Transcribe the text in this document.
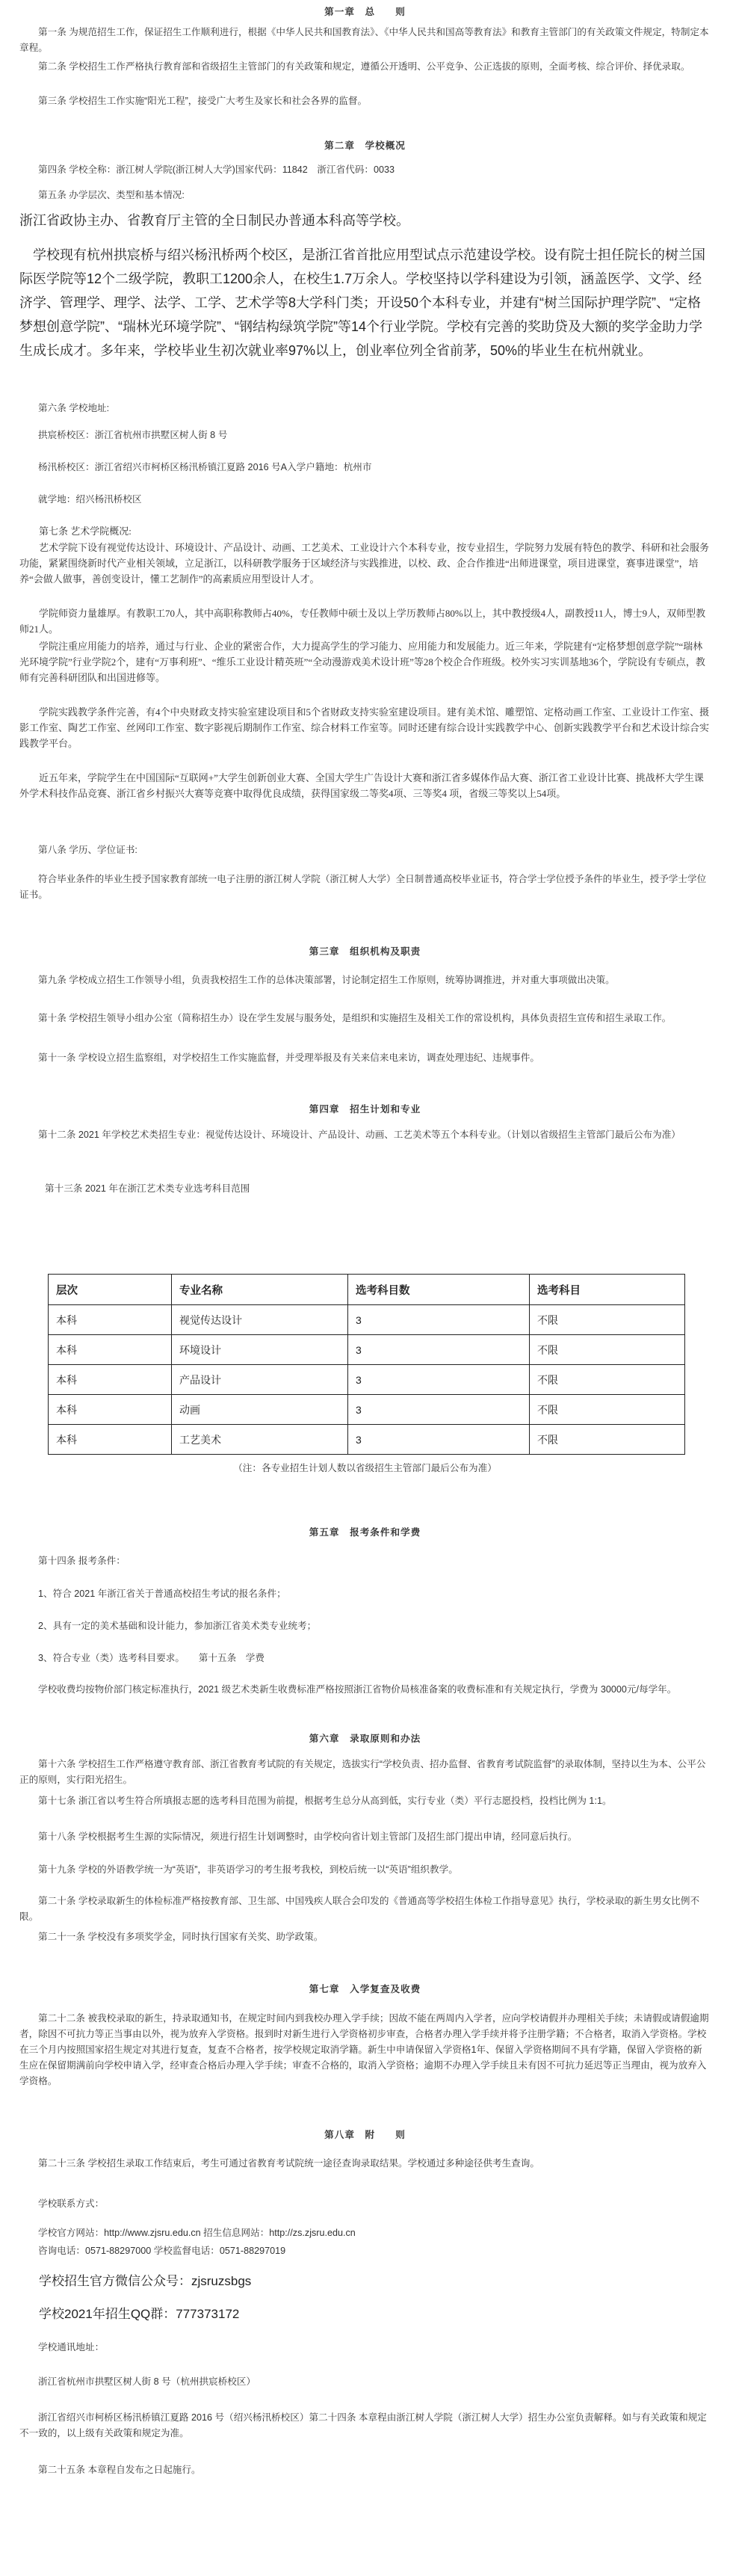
第一章　总　　则

第一条 为规范招生工作，保证招生工作顺利进行，根据《中华人民共和国教育法》、《中华人民共和国高等教育法》和教育主管部门的有关政策文件规定，特制定本章程。

第二条 学校招生工作严格执行教育部和省级招生主管部门的有关政策和规定，遵循公开透明、公平竞争、公正选拔的原则，全面考核、综合评价、择优录取。

第三条 学校招生工作实施“阳光工程”，接受广大考生及家长和社会各界的监督。

第二章　学校概况

第四条 学校全称：浙江树人学院(浙江树人大学)国家代码：11842　浙江省代码：0033

第五条 办学层次、类型和基本情况:

浙江省政协主办、省教育厅主管的全日制民办普通本科高等学校。

学校现有杭州拱宸桥与绍兴杨汛桥两个校区，是浙江省首批应用型试点示范建设学校。设有院士担任院长的树兰国际医学院等12个二级学院，教职工1200余人，在校生1.7万余人。学校坚持以学科建设为引领，涵盖医学、文学、经济学、管理学、理学、法学、工学、艺术学等8大学科门类；开设50个本科专业，并建有“树兰国际护理学院”、“定格梦想创意学院”、“瑞林光环境学院”、“钢结构绿筑学院”等14个行业学院。学校有完善的奖助贷及大额的奖学金助力学生成长成才。多年来，学校毕业生初次就业率97%以上，创业率位列全省前茅，50%的毕业生在杭州就业。

第六条 学校地址:

拱宸桥校区：浙江省杭州市拱墅区树人街 8 号

杨汛桥校区：浙江省绍兴市柯桥区杨汛桥镇江夏路 2016 号A入学户籍地：杭州市

就学地：绍兴杨汛桥校区

第七条 艺术学院概况:

艺术学院下设有视觉传达设计、环境设计、产品设计、动画、工艺美术、工业设计六个本科专业，按专业招生，学院努力发展有特色的教学、科研和社会服务功能，紧紧围绕新时代产业相关领域，立足浙江，以科研教学服务于区域经济与实践推进，以校、政、企合作推进“出师进课堂，项目进课堂，赛事进课堂”，培养“会做人做事，善创变设计，懂工艺制作”的高素质应用型设计人才。

学院师资力量雄厚。有教职工70人，其中高职称教师占40%，专任教师中硕士及以上学历教师占80%以上，其中教授级4人，副教授11人，博士9人，双师型教师21人。

学院注重应用能力的培养，通过与行业、企业的紧密合作，大力提高学生的学习能力、应用能力和发展能力。近三年来，学院建有“定格梦想创意学院”“瑞林光环境学院”行业学院2个，建有“万事利班”、“维乐工业设计精英班”“全动漫游戏美术设计班”等28个校企合作班级。校外实习实训基地36个，学院设有专硕点，教师有完善科研团队和出国进修等。

学院实践教学条件完善，有4个中央财政支持实验室建设项目和5个省财政支持实验室建设项目。建有美术馆、雕塑馆、定格动画工作室、工业设计工作室、摄影工作室、陶艺工作室、丝网印工作室、数字影视后期制作工作室、综合材料工作室等。同时还建有综合设计实践教学中心、创新实践教学平台和艺术设计综合实践教学平台。

近五年来，学院学生在中国国际“互联网+”大学生创新创业大赛、全国大学生广告设计大赛和浙江省多媒体作品大赛、浙江省工业设计比赛、挑战杯大学生课外学术科技作品竞赛、浙江省乡村振兴大赛等竞赛中取得优良成绩，获得国家级二等奖4项、三等奖4 项，省级三等奖以上54项。

第八条 学历、学位证书:

符合毕业条件的毕业生授予国家教育部统一电子注册的浙江树人学院（浙江树人大学）全日制普通高校毕业证书，符合学士学位授予条件的毕业生，授予学士学位证书。

第三章　组织机构及职责

第九条 学校成立招生工作领导小组，负责我校招生工作的总体决策部署，讨论制定招生工作原则，统筹协调推进，并对重大事项做出决策。

第十条 学校招生领导小组办公室（简称招生办）设在学生发展与服务处，是组织和实施招生及相关工作的常设机构，具体负责招生宣传和招生录取工作。

第十一条 学校设立招生监察组，对学校招生工作实施监督，并受理举报及有关来信来电来访，调查处理违纪、违规事件。

第四章　招生计划和专业

第十二条 2021 年学校艺术类招生专业：视觉传达设计、环境设计、产品设计、动画、工艺美术等五个本科专业。（计划以省级招生主管部门最后公布为准）

第十三条 2021 年在浙江艺术类专业选考科目范围

层次	专业名称	选考科目数	选考科目
本科	视觉传达设计	3	不限
本科	环境设计	3	不限
本科	产品设计	3	不限
本科	动画	3	不限
本科	工艺美术	3	不限

（注：各专业招生计划人数以省级招生主管部门最后公布为准）

第五章　报考条件和学费

第十四条 报考条件：

1、符合 2021 年浙江省关于普通高校招生考试的报名条件；

2、具有一定的美术基础和设计能力，参加浙江省美术类专业统考；

3、符合专业（类）选考科目要求。　　第十五条　学费

学校收费均按物价部门核定标准执行，2021 级艺术类新生收费标准严格按照浙江省物价局核准备案的收费标准和有关规定执行，学费为 30000元/每学年。

第六章　录取原则和办法

第十六条 学校招生工作严格遵守教育部、浙江省教育考试院的有关规定，选拔实行“学校负责、招办监督、省教育考试院监督”的录取体制，坚持以生为本、公平公正的原则，实行阳光招生。

第十七条 浙江省以考生符合所填报志愿的选考科目范围为前提，根据考生总分从高到低，实行专业（类）平行志愿投档，投档比例为 1:1。

第十八条 学校根据考生生源的实际情况，须进行招生计划调整时，由学校向省计划主管部门及招生部门提出申请，经同意后执行。

第十九条 学校的外语教学统一为“英语”，非英语学习的考生报考我校，到校后统一以“英语”组织教学。

第二十条 学校录取新生的体检标准严格按教育部、卫生部、中国残疾人联合会印发的《普通高等学校招生体检工作指导意见》执行，学校录取的新生男女比例不限。

第二十一条 学校没有多项奖学金，同时执行国家有关奖、助学政策。

第七章　入学复查及收费

第二十二条 被我校录取的新生，持录取通知书，在规定时间内到我校办理入学手续；因故不能在两周内入学者，应向学校请假并办理相关手续；未请假或请假逾期者，除因不可抗力等正当事由以外，视为放弃入学资格。报到时对新生进行入学资格初步审查，合格者办理入学手续并将予注册学籍；不合格者，取消入学资格。学校在三个月内按照国家招生规定对其进行复查，复查不合格者，按学校规定取消学籍。新生中申请保留入学资格1年、保留入学资格期间不具有学籍，保留入学资格的新生应在保留期满前向学校申请入学，经审查合格后办理入学手续；审查不合格的，取消入学资格；逾期不办理入学手续且未有因不可抗力延迟等正当理由，视为放弃入学资格。

第八章　附　　则

第二十三条 学校招生录取工作结束后，考生可通过省教育考试院统一途径查询录取结果。学校通过多种途径供考生查询。

学校联系方式：

学校官方网站：http://www.zjsru.edu.cn 招生信息网站：http://zs.zjsru.edu.cn

咨询电话：0571-88297000 学校监督电话：0571-88297019

学校招生官方微信公众号：zjsruzsbgs

学校2021年招生QQ群：777373172

学校通讯地址：

浙江省杭州市拱墅区树人街 8 号（杭州拱宸桥校区）

浙江省绍兴市柯桥区杨汛桥镇江夏路 2016 号（绍兴杨汛桥校区）第二十四条 本章程由浙江树人学院（浙江树人大学）招生办公室负责解释。如与有关政策和规定不一致的，以上级有关政策和规定为准。

第二十五条 本章程自发布之日起施行。
